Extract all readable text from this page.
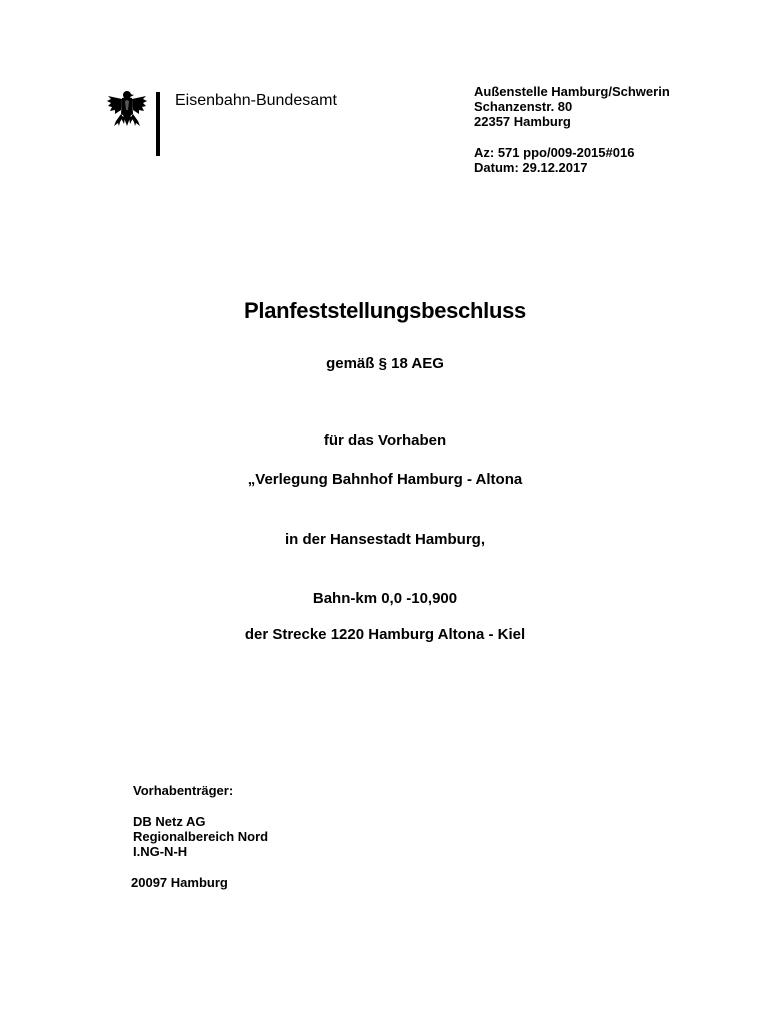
Eisenbahn-Bundesamt
Außenstelle Hamburg/Schwerin
Schanzenstr. 80
22357 Hamburg
Az: 571 ppo/009-2015#016
Datum: 29.12.2017
Planfeststellungsbeschluss
gemäß § 18 AEG
für das Vorhaben
„Verlegung Bahnhof Hamburg - Altona
in der Hansestadt Hamburg,
Bahn-km 0,0 -10,900
der Strecke 1220 Hamburg Altona - Kiel
Vorhabenträger:
DB Netz AG
Regionalbereich Nord
I.NG-N-H
20097 Hamburg
